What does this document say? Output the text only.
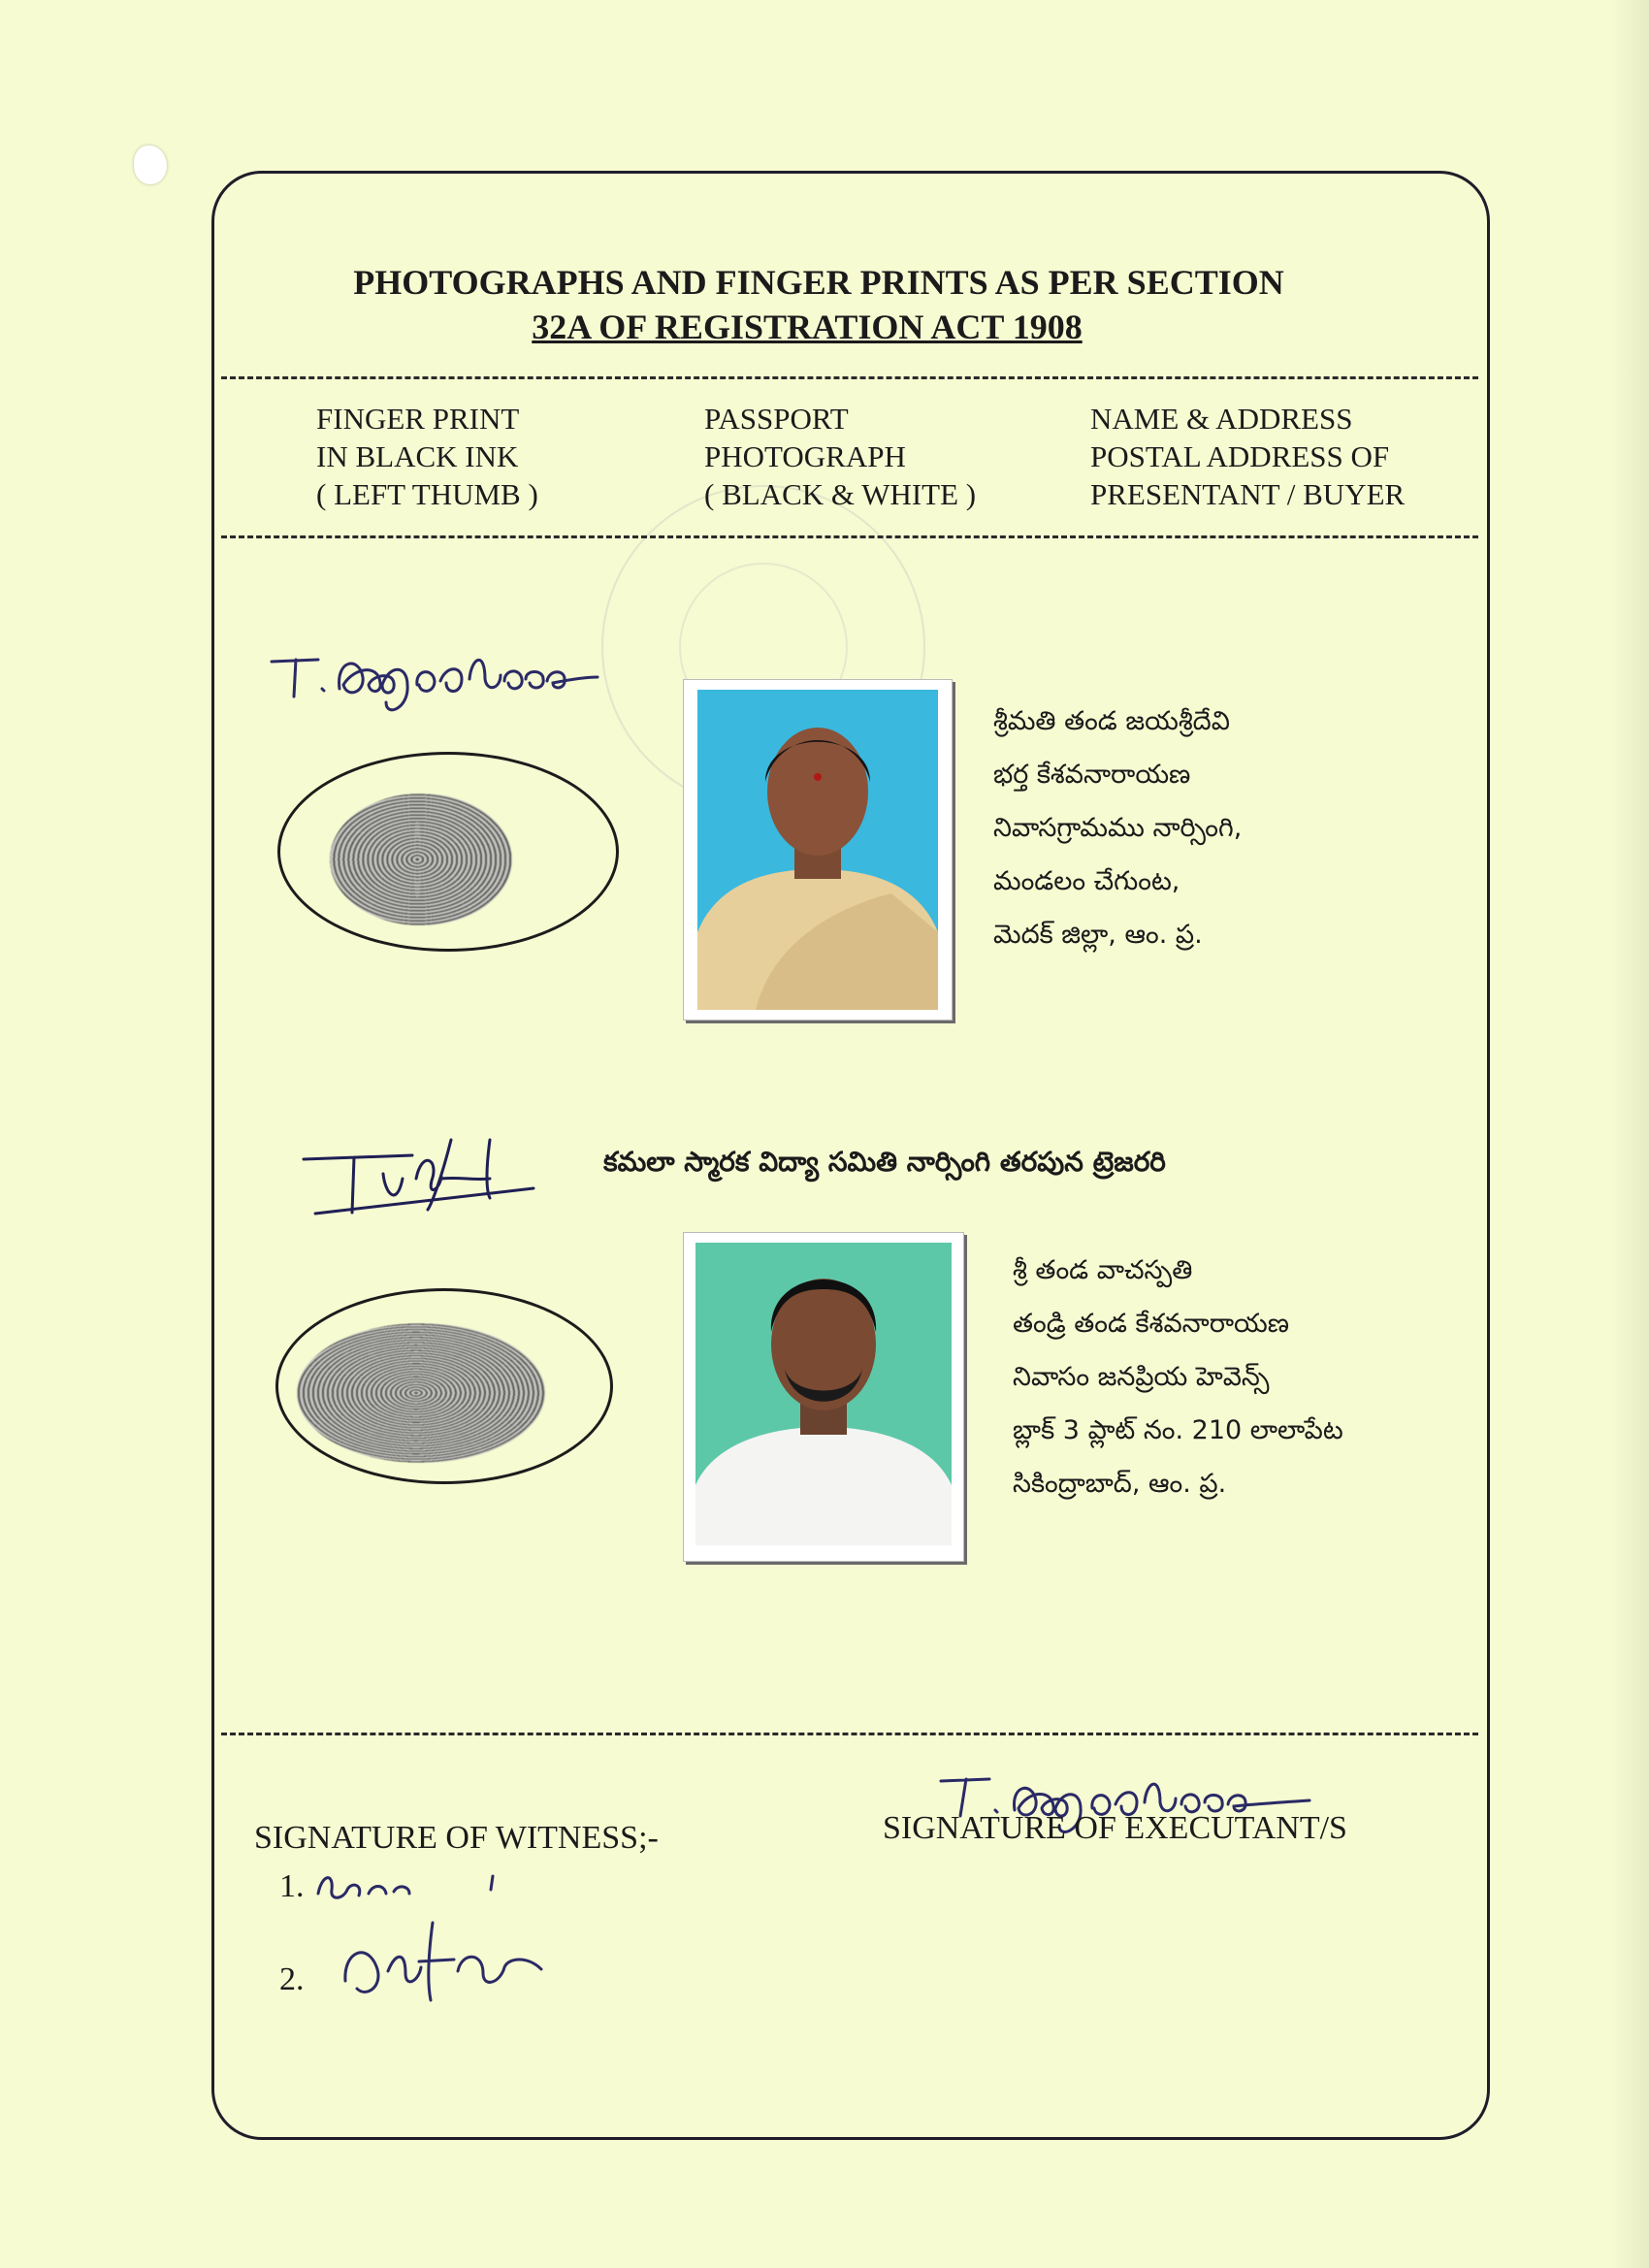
PHOTOGRAPHS AND FINGER PRINTS AS PER SECTION
32A OF REGISTRATION ACT 1908
FINGER PRINT
IN BLACK INK
( LEFT THUMB )
PASSPORT
PHOTOGRAPH
( BLACK & WHITE )
NAME & ADDRESS
POSTAL ADDRESS OF
PRESENTANT / BUYER
శ్రీమతి తండ జయశ్రీదేవి
భర్త కేశవనారాయణ
నివాసగ్రామము నార్సింగి,
మండలం చేగుంట,
మెదక్ జిల్లా, ఆం. ప్ర.
కమలా స్మారక విద్యా సమితి నార్సింగి తరపున ట్రెజరరి
శ్రీ తండ వాచస్పతి
తండ్రి తండ కేశవనారాయణ
నివాసం జనప్రియ హెవెన్స్
బ్లాక్ 3 ప్లాట్ నం. 210 లాలాపేట
సికింద్రాబాద్, ఆం. ప్ర.
SIGNATURE OF WITNESS;-	SIGNATURE OF EXECUTANT/S
1.
2.
